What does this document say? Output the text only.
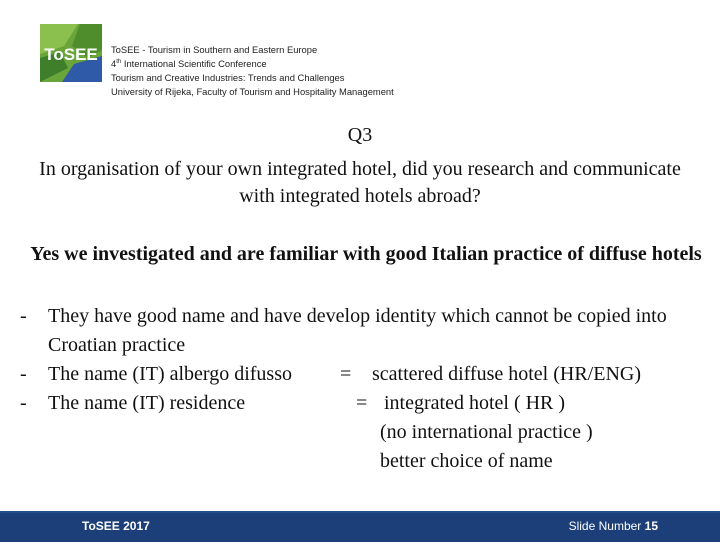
ToSEE ToSEE - Tourism in Southern and Eastern Europe
4th International Scientific Conference
Tourism and Creative Industries: Trends and Challenges
University of Rijeka, Faculty of Tourism and Hospitality Management
Q3
In organisation of your own integrated hotel, did you research and communicate with integrated hotels abroad?
Yes we investigated and are familiar with good Italian practice of diffuse hotels
-	They have good name and have develop identity which cannot be copied into Croatian practice
-	The name (IT) albergo difusso = scattered diffuse hotel (HR/ENG)
-	The name (IT) residence	= integrated hotel ( HR )
(no international practice )
better choice of name
ToSEE 2017	Slide Number 15
